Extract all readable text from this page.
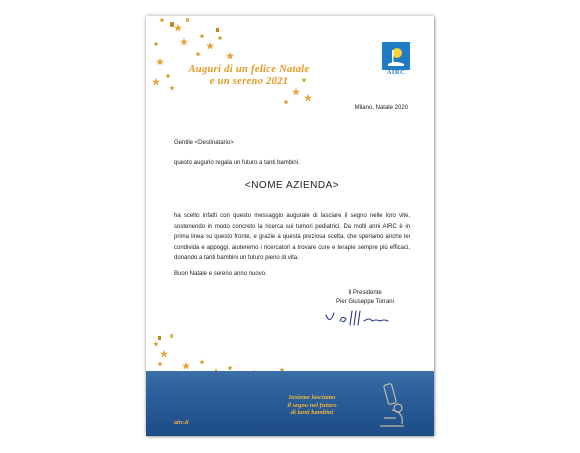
Auguri di un felice Natale
e un sereno 2021
AIRC
Milano, Natale 2020
Gentile <Destinatario>
questo augurio regala un futuro a tanti bambini.
<NOME AZIENDA>
ha scelto infatti con questo messaggio augurale di lasciare il segno nelle loro vite, sostenendo in modo concreto la ricerca sui tumori pediatrici. Da molti anni AIRC è in prima linea su questo fronte, e grazie a questa preziosa scelta, che speriamo anche lei condivida e appoggi, aiuteremo i ricercatori a trovare cure e terapie sempre più efficaci, donando a tanti bambini un futuro pieno di vita.
Buon Natale e sereno anno nuovo.
Il Presidente
Pier Giuseppe Torrani
Insieme lasciamo
il segno nel futuro
di tanti bambini
airc.it
